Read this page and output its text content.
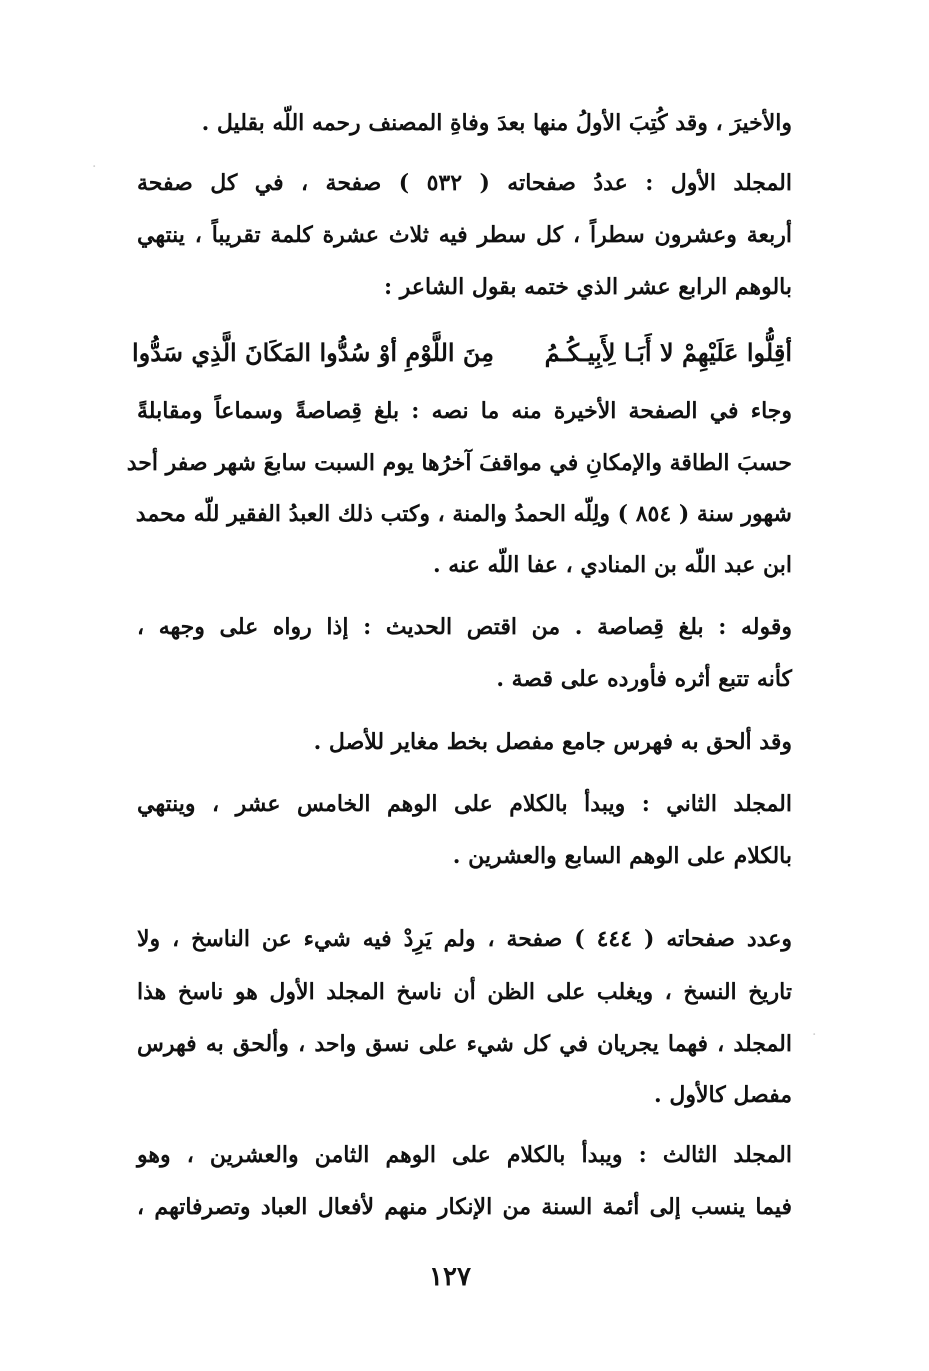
والأخيرَ ، وقد كُتِبَ الأولُ منها بعدَ وفاةِ المصنف رحمه اللّه بقليل .
المجلد الأول : عددُ صفحاته ( ٥٣٢ ) صفحة ، في كل صفحة
أربعة وعشرون سطراً ، كل سطر فيه ثلاث عشرة كلمة تقريباً ، ينتهي
بالوهم الرابع عشر الذي ختمه بقول الشاعر :
أقِلُّوا عَلَيْهِمْ لا أَبَـا لِأَبِيـكُـمُ
مِنَ اللَّوْمِ أوْ سُدُّوا المَكَانَ الَّذِي سَدُّوا
وجاء في الصفحة الأخيرة منه ما نصه : بلغ قِصاصةً وسماعاً ومقابلةً
حسبَ الطاقة والإمكانِ في مواقفَ آخرُها يوم السبت سابعَ شهر صفر أحد
شهور سنة ( ٨٥٤ ) ولِلّه الحمدُ والمنة ، وكتب ذلك العبدُ الفقير للّه محمد
ابن عبد اللّه بن المنادي ، عفا اللّه عنه .
وقوله : بلغ قِصاصة . من اقتص الحديث : إذا رواه على وجهه ،
كأنه تتبع أثره فأورده على قصة .
وقد ألحق به فهرس جامع مفصل بخط مغاير للأصل .
المجلد الثاني : ويبدأ بالكلام على الوهم الخامس عشر ، وينتهي
بالكلام على الوهم السابع والعشرين .
وعدد صفحاته ( ٤٤٤ ) صفحة ، ولم يَرِدْ فيه شيء عن الناسخ ، ولا
تاريخ النسخ ، ويغلب على الظن أن ناسخ المجلد الأول هو ناسخ هذا
المجلد ، فهما يجريان في كل شيء على نسق واحد ، وألحق به فهرس
مفصل كالأول .
المجلد الثالث : ويبدأ بالكلام على الوهم الثامن والعشرين ، وهو
فيما ينسب إلى أئمة السنة من الإنكار منهم لأفعال العباد وتصرفاتهم ،
١٢٧
·
·
